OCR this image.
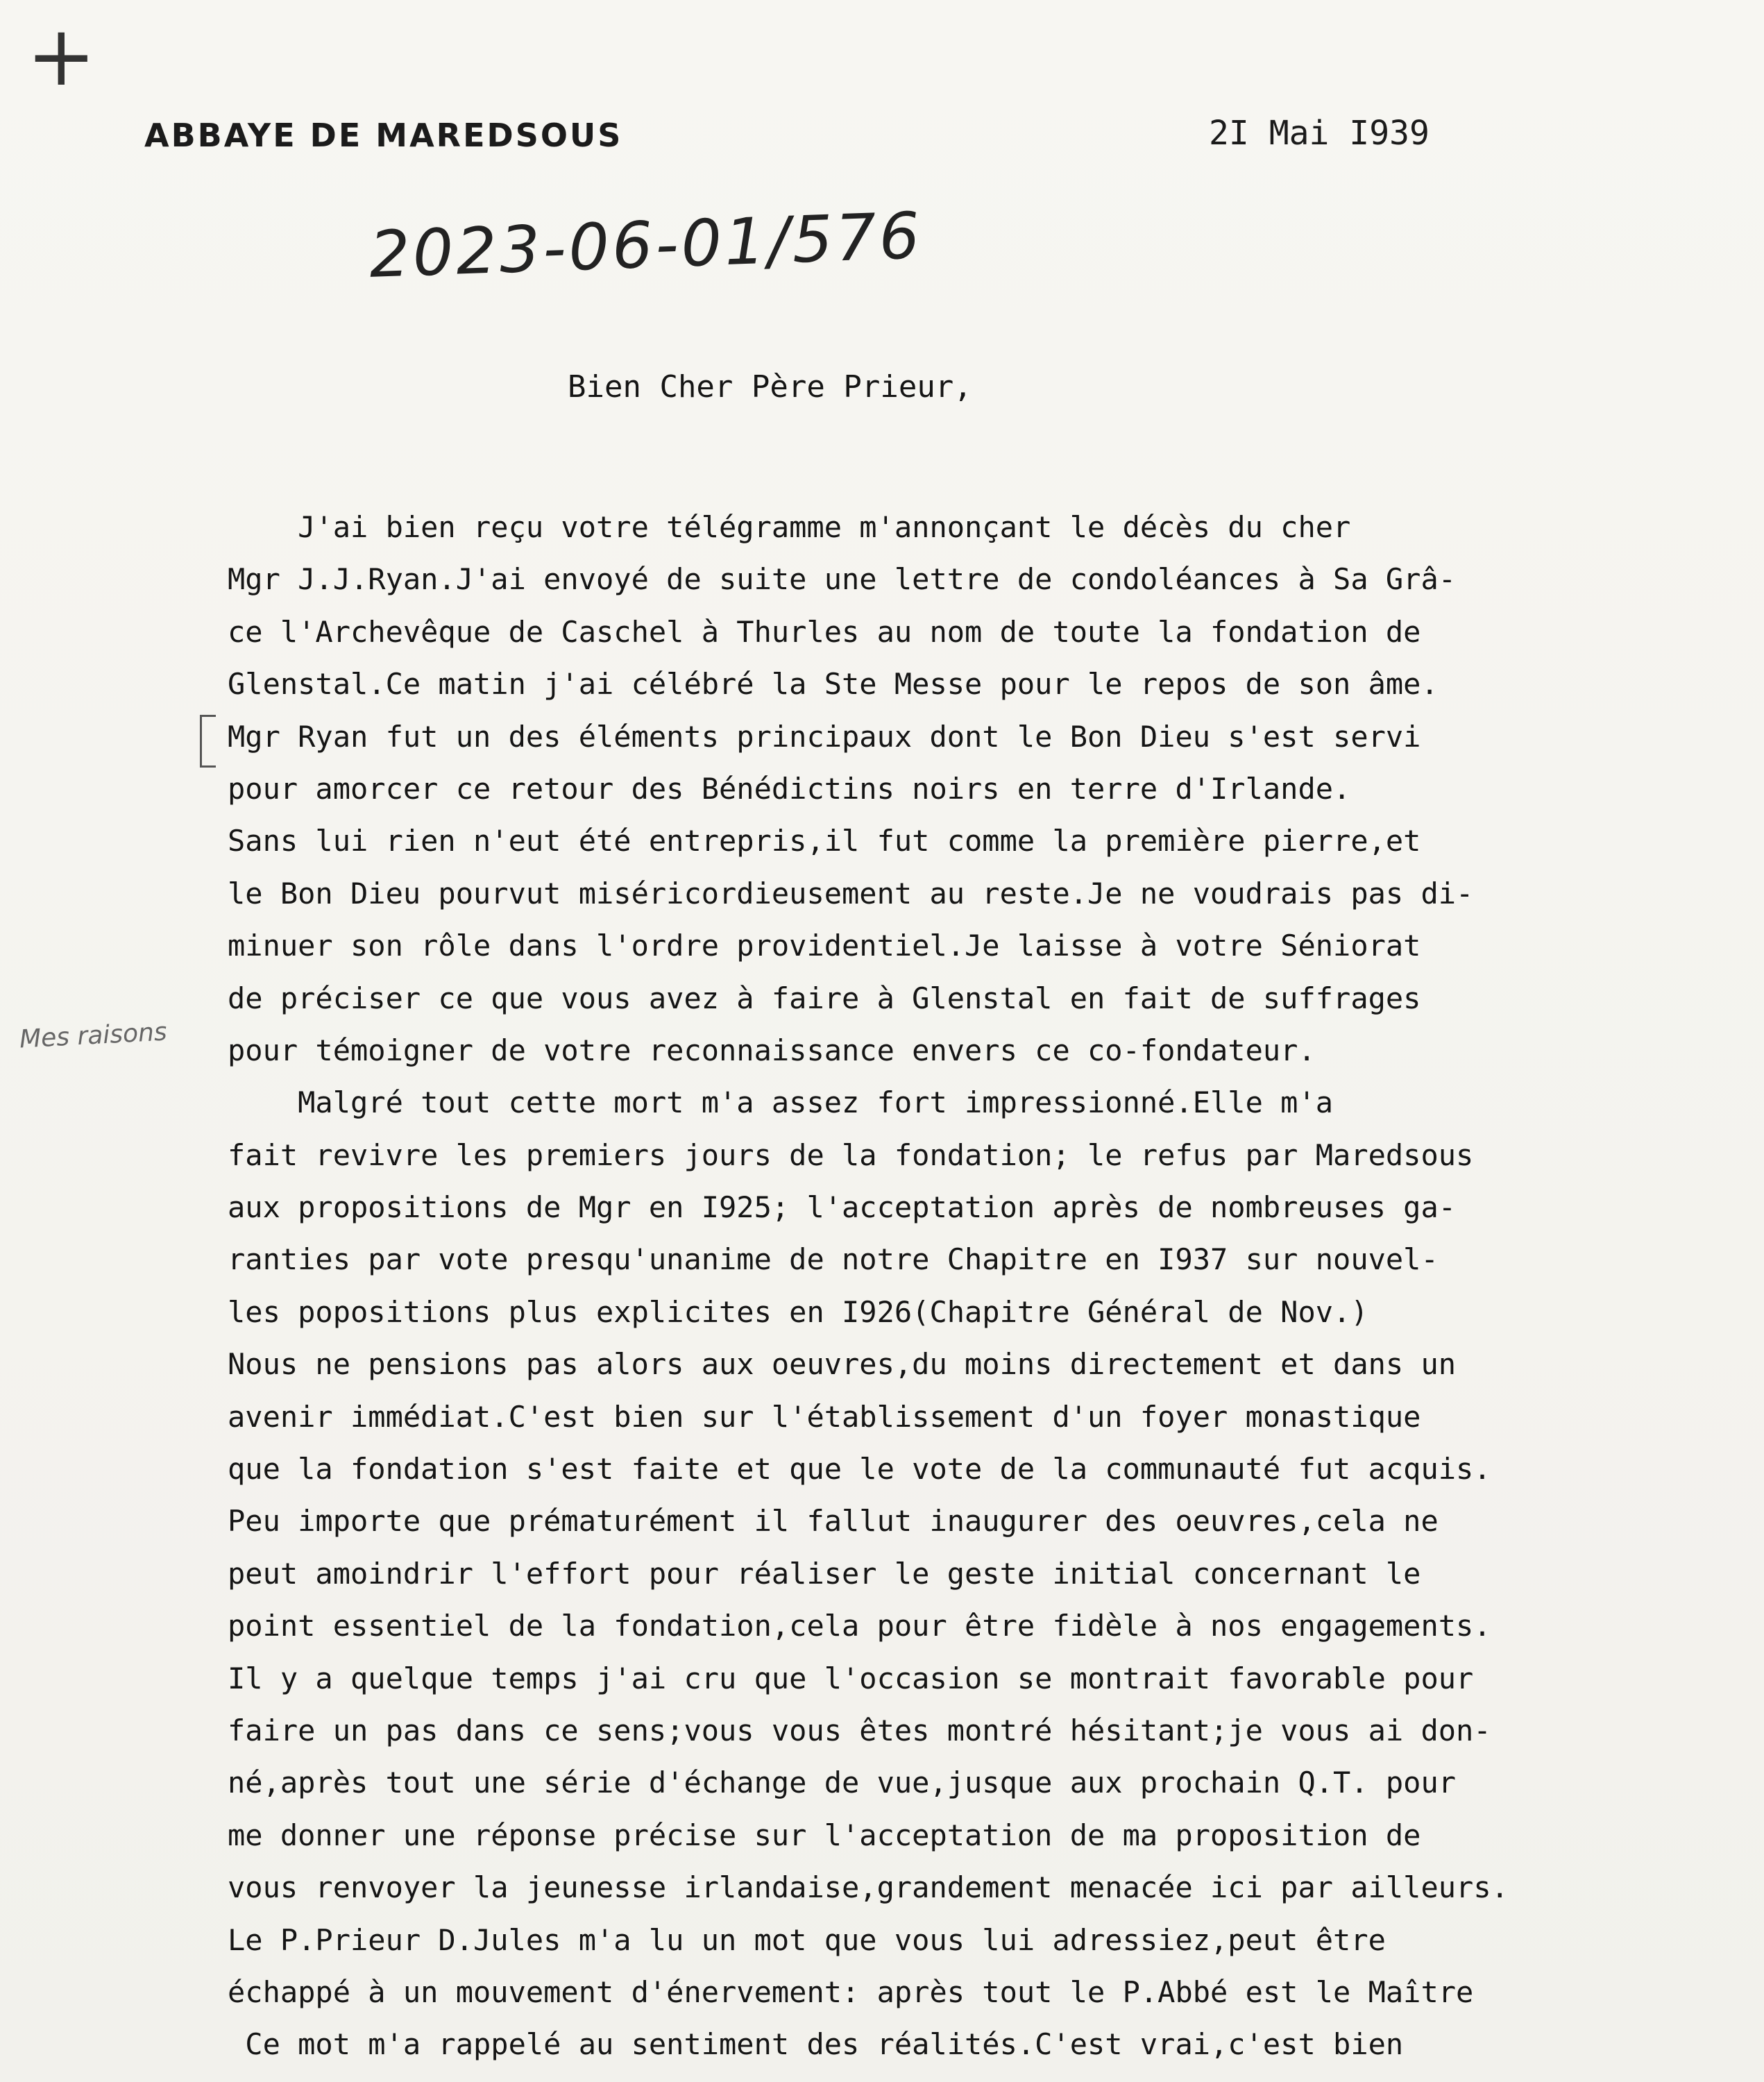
+
ABBAYE DE MAREDSOUS	2I Mai I939
2023-06-01/576
Bien Cher Père Prieur,
Mes raisons
J'ai bien reçu votre télégramme m'annonçant le décès du cher
Mgr J.J.Ryan.J'ai envoyé de suite une lettre de condoléances à Sa Grâ-
ce l'Archevêque de Caschel à Thurles au nom de toute la fondation de
Glenstal.Ce matin j'ai célébré la Ste Messe pour le repos de son âme.
Mgr Ryan fut un des éléments principaux dont le Bon Dieu s'est servi
pour amorcer ce retour des Bénédictins noirs en terre d'Irlande.
Sans lui rien n'eut été entrepris,il fut comme la première pierre,et
le Bon Dieu pourvut miséricordieusement au reste.Je ne voudrais pas di-
minuer son rôle dans l'ordre providentiel.Je laisse à votre Séniorat
de préciser ce que vous avez à faire à Glenstal en fait de suffrages
pour témoigner de votre reconnaissance envers ce co-fondateur.
Malgré tout cette mort m'a assez fort impressionné.Elle m'a
fait revivre les premiers jours de la fondation; le refus par Maredsous
aux propositions de Mgr en I925; l'acceptation après de nombreuses ga-
ranties par vote presqu'unanime de notre Chapitre en I937 sur nouvel-
les popositions plus explicites en I926(Chapitre Général de Nov.)
Nous ne pensions pas alors aux oeuvres,du moins directement et dans un
avenir immédiat.C'est bien sur l'établissement d'un foyer monastique
que la fondation s'est faite et que le vote de la communauté fut acquis.
Peu importe que prématurément il fallut inaugurer des oeuvres,cela ne
peut amoindrir l'effort pour réaliser le geste initial concernant le
point essentiel de la fondation,cela pour être fidèle à nos engagements.
Il y a quelque temps j'ai cru que l'occasion se montrait favorable pour
faire un pas dans ce sens;vous vous êtes montré hésitant;je vous ai don-
né,après tout une série d'échange de vue,jusque aux prochain Q.T. pour
me donner une réponse précise sur l'acceptation de ma proposition de
vous renvoyer la jeunesse irlandaise,grandement menacée ici par ailleurs.
Le P.Prieur D.Jules m'a lu un mot que vous lui adressiez,peut être
échappé à un mouvement d'énervement: après tout le P.Abbé est le Maître
Ce mot m'a rappelé au sentiment des réalités.C'est vrai,c'est bien
